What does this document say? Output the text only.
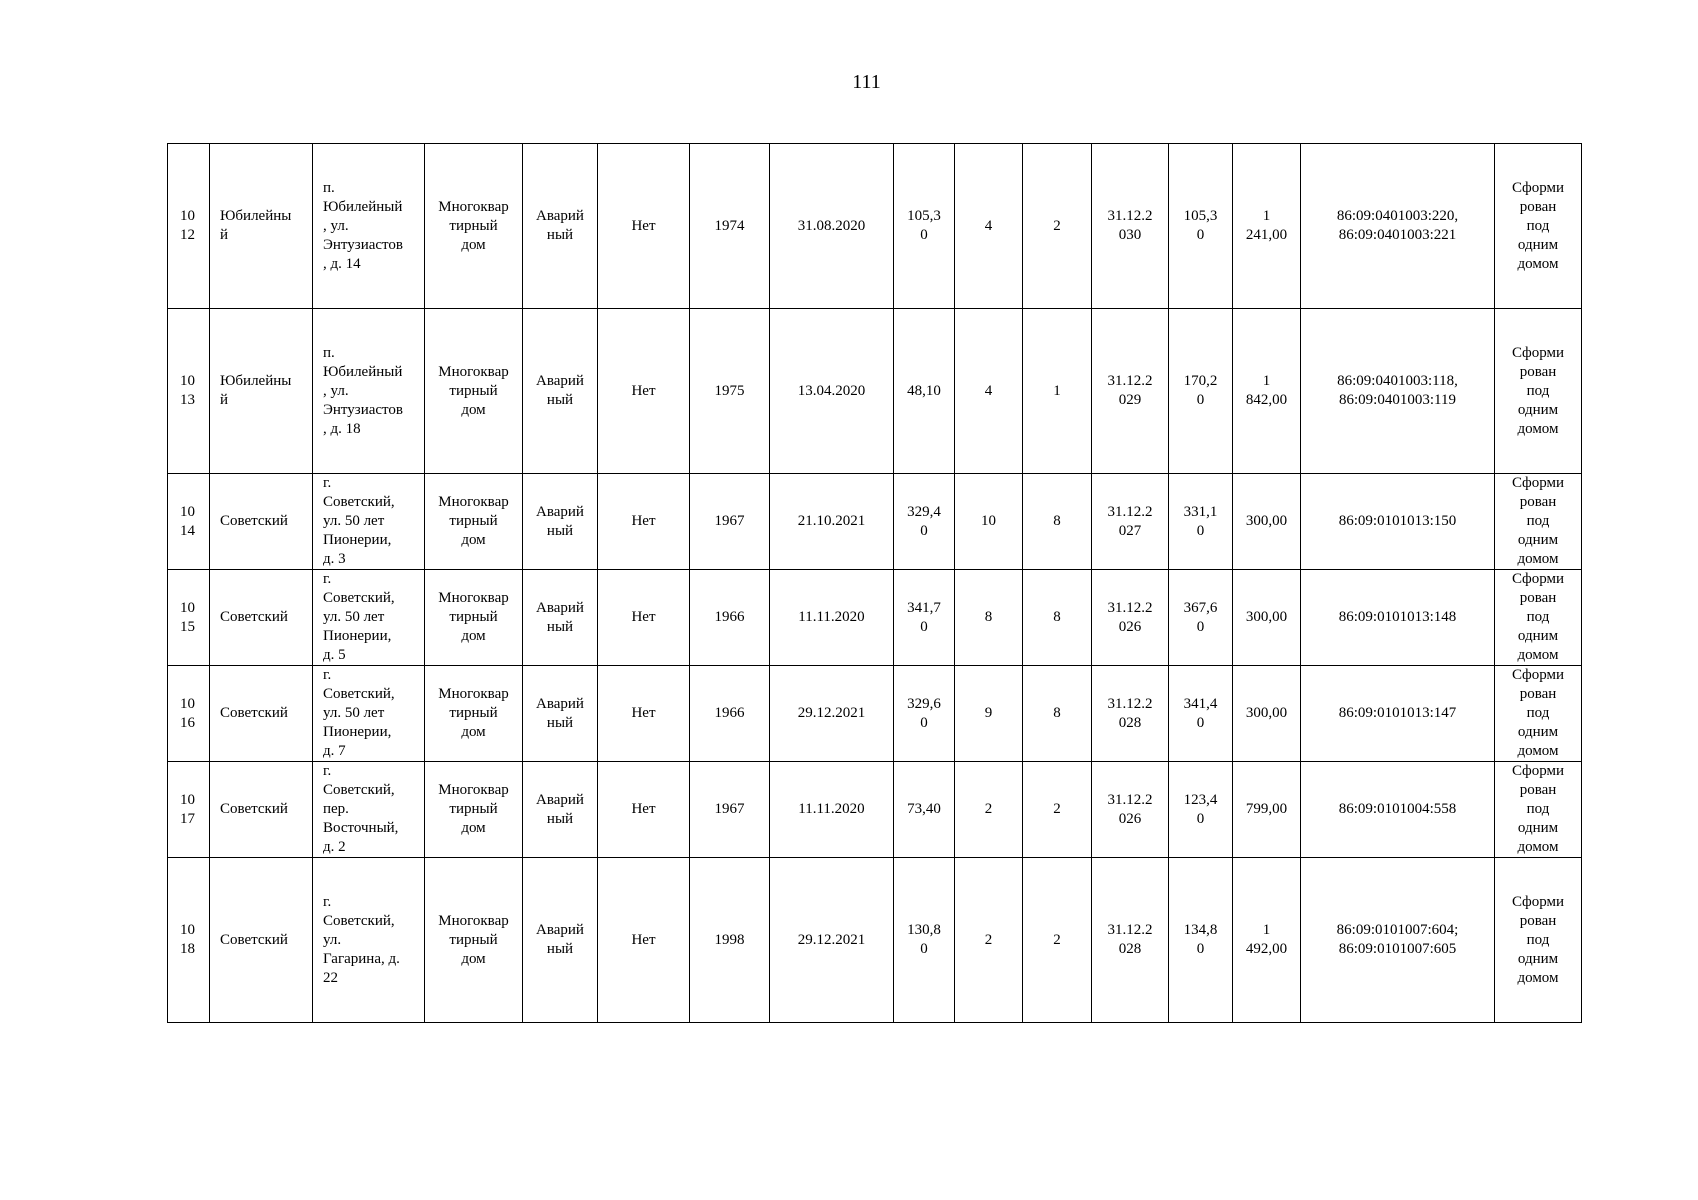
111
10
12	Юбилейны
й	п.
Юбилейный
, ул.
Энтузиастов
, д. 14	Многоквар
тирный
дом	Аварий
ный	Нет	1974	31.08.2020	105,3
0	4	2	31.12.2
030	105,3
0	1
241,00	86:09:0401003:220,
86:09:0401003:221	Сформи
рован
под
одним
домом
10
13	Юбилейны
й	п.
Юбилейный
, ул.
Энтузиастов
, д. 18	Многоквар
тирный
дом	Аварий
ный	Нет	1975	13.04.2020	48,10	4	1	31.12.2
029	170,2
0	1
842,00	86:09:0401003:118,
86:09:0401003:119	Сформи
рован
под
одним
домом
10
14	Советский	г.
Советский,
ул. 50 лет
Пионерии,
д. 3	Многоквар
тирный
дом	Аварий
ный	Нет	1967	21.10.2021	329,4
0	10	8	31.12.2
027	331,1
0	300,00	86:09:0101013:150	Сформи
рован
под
одним
домом
10
15	Советский	г.
Советский,
ул. 50 лет
Пионерии,
д. 5	Многоквар
тирный
дом	Аварий
ный	Нет	1966	11.11.2020	341,7
0	8	8	31.12.2
026	367,6
0	300,00	86:09:0101013:148	Сформи
рован
под
одним
домом
10
16	Советский	г.
Советский,
ул. 50 лет
Пионерии,
д. 7	Многоквар
тирный
дом	Аварий
ный	Нет	1966	29.12.2021	329,6
0	9	8	31.12.2
028	341,4
0	300,00	86:09:0101013:147	Сформи
рован
под
одним
домом
10
17	Советский	г.
Советский,
пер.
Восточный,
д. 2	Многоквар
тирный
дом	Аварий
ный	Нет	1967	11.11.2020	73,40	2	2	31.12.2
026	123,4
0	799,00	86:09:0101004:558	Сформи
рован
под
одним
домом
10
18	Советский	г.
Советский,
ул.
Гагарина, д.
22	Многоквар
тирный
дом	Аварий
ный	Нет	1998	29.12.2021	130,8
0	2	2	31.12.2
028	134,8
0	1
492,00	86:09:0101007:604;
86:09:0101007:605	Сформи
рован
под
одним
домом
